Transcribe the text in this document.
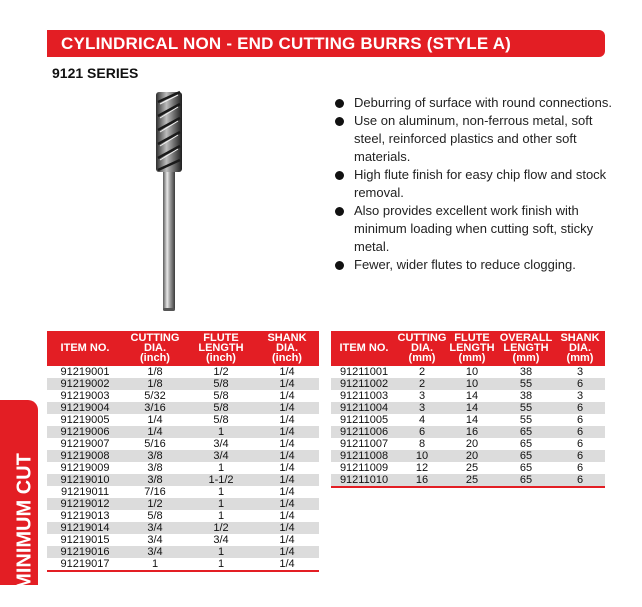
CYLINDRICAL NON - END CUTTING BURRS (STYLE A)
9121 SERIES
Deburring of surface with round connections.
Use on aluminum, non-ferrous metal, soft steel, reinforced plastics and other soft materials.
High flute finish for easy chip flow and stock removal.
Also provides excellent work finish with minimum loading when cutting soft, sticky metal.
Fewer, wider flutes to reduce clogging.
ITEM NO.	CUTTING
DIA.
(inch)	FLUTE
LENGTH
(inch)	SHANK
DIA.
(inch)
91219001	1/8	1/2	1/4
91219002	1/8	5/8	1/4
91219003	5/32	5/8	1/4
91219004	3/16	5/8	1/4
91219005	1/4	5/8	1/4
91219006	1/4	1	1/4
91219007	5/16	3/4	1/4
91219008	3/8	3/4	1/4
91219009	3/8	1	1/4
91219010	3/8	1-1/2	1/4
91219011	7/16	1	1/4
91219012	1/2	1	1/4
91219013	5/8	1	1/4
91219014	3/4	1/2	1/4
91219015	3/4	3/4	1/4
91219016	3/4	1	1/4
91219017	1	1	1/4
ITEM NO.	CUTTING
DIA.
(mm)	FLUTE
LENGTH
(mm)	OVERALL
LENGTH
(mm)	SHANK
DIA.
(mm)
91211001	2	10	38	3
91211002	2	10	55	6
91211003	3	14	38	3
91211004	3	14	55	6
91211005	4	14	55	6
91211006	6	16	65	6
91211007	8	20	65	6
91211008	10	20	65	6
91211009	12	25	65	6
91211010	16	25	65	6
MINIMUM CUT
